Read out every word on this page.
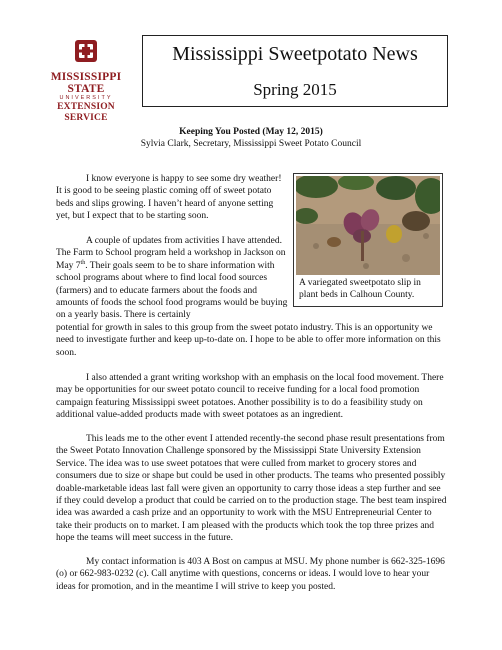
MISSISSIPPI STATE
UNIVERSITY
EXTENSION SERVICE
Mississippi Sweetpotato News
Spring 2015
Keeping You Posted (May 12, 2015)
Sylvia Clark, Secretary, Mississippi Sweet Potato Council
A variegated sweetpotato slip in plant beds in Calhoun County.

I know everyone is happy to see some dry weather! It is good to be seeing plastic coming off of sweet potato beds and slips growing. I haven’t heard of anyone setting yet, but I expect that to be starting soon.

A couple of updates from activities I have attended. The Farm to School program held a workshop in Jackson on May 7th. Their goals seem to be to share information with school programs about where to find local food sources (farmers) and to educate farmers about the foods and amounts of foods the school food programs would be buying on a yearly basis. There is certainly

potential for growth in sales to this group from the sweet potato industry. This is an opportunity we need to investigate further and keep up-to-date on. I hope to be able to offer more information on this soon.

I also attended a grant writing workshop with an emphasis on the local food movement. There may be opportunities for our sweet potato council to receive funding for a local food promotion campaign featuring Mississippi sweet potatoes. Another possibility is to do a feasibility study on additional value-added products made with sweet potatoes as an ingredient.

This leads me to the other event I attended recently-the second phase result presentations from the Sweet Potato Innovation Challenge sponsored by the Mississippi State University Extension Service. The idea was to use sweet potatoes that were culled from market to grocery stores and consumers due to size or shape but could be used in other products. The teams who presented possibly doable-marketable ideas last fall were given an opportunity to carry those ideas a step further and see if they could develop a product that could be carried on to the production stage. The best team inspired idea was awarded a cash prize and an opportunity to work with the MSU Entrepreneurial Center to take their products on to market. I am pleased with the products which took the top three prizes and hope the teams will meet success in the future.

My contact information is 403 A Bost on campus at MSU. My phone number is 662-325-1696 (o) or 662-983-0232 (c). Call anytime with questions, concerns or ideas. I would love to hear your ideas for promotion, and in the meantime I will strive to keep you posted.
